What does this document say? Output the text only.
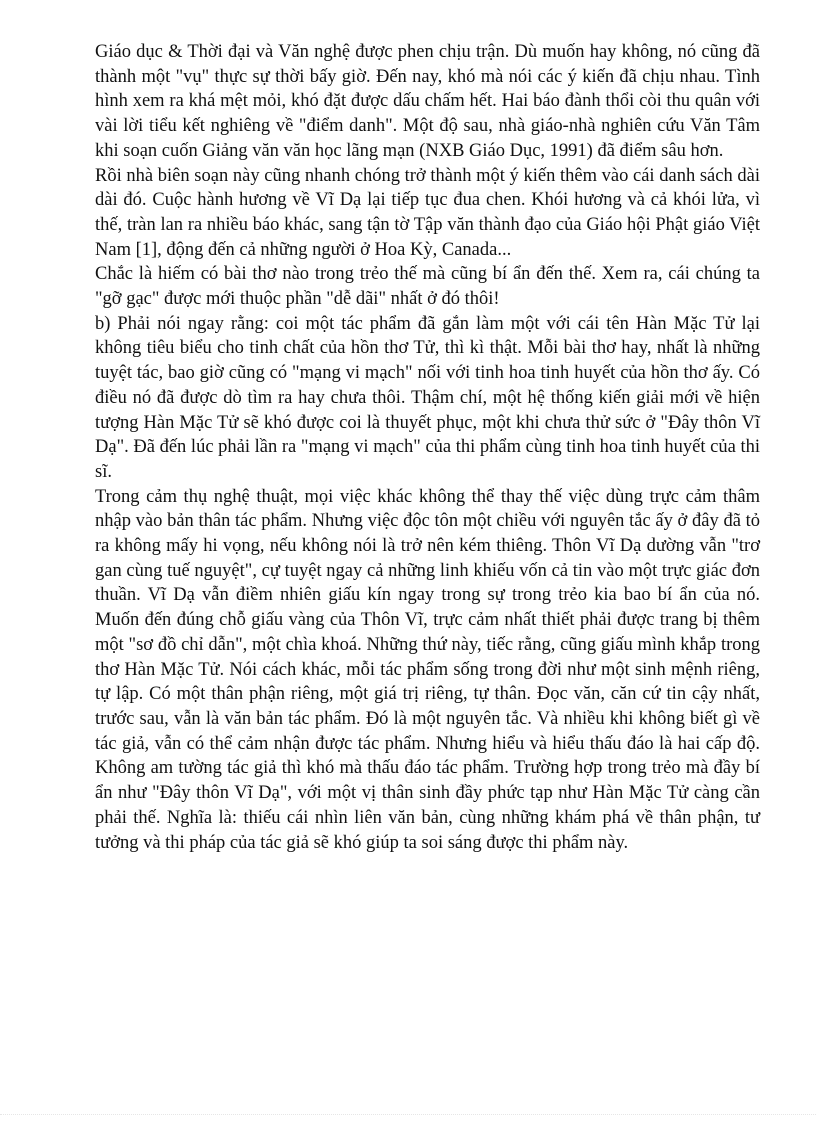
Giáo dục & Thời đại và Văn nghệ được phen chịu trận. Dù muốn hay không, nó cũng đã thành một "vụ" thực sự thời bấy giờ. Đến nay, khó mà nói các ý kiến đã chịu nhau. Tình hình xem ra khá mệt mỏi, khó đặt được dấu chấm hết. Hai báo đành thổi còi thu quân với vài lời tiểu kết nghiêng về "điểm danh". Một độ sau, nhà giáo-nhà nghiên cứu Văn Tâm khi soạn cuốn Giảng văn văn học lãng mạn (NXB Giáo Dục, 1991) đã điểm sâu hơn.

Rồi nhà biên soạn này cũng nhanh chóng trở thành một ý kiến thêm vào cái danh sách dài dài đó. Cuộc hành hương về Vĩ Dạ lại tiếp tục đua chen. Khói hương và cả khói lửa, vì thế, tràn lan ra nhiều báo khác, sang tận tờ Tập văn thành đạo của Giáo hội Phật giáo Việt Nam [1], động đến cả những người ở Hoa Kỳ, Canada...

Chắc là hiếm có bài thơ nào trong trẻo thế mà cũng bí ẩn đến thế. Xem ra, cái chúng ta "gỡ gạc" được mới thuộc phần "dễ dãi" nhất ở đó thôi!

b) Phải nói ngay rằng: coi một tác phẩm đã gắn làm một với cái tên Hàn Mặc Tử lại không tiêu biểu cho tinh chất của hồn thơ Tử, thì kì thật. Mỗi bài thơ hay, nhất là những tuyệt tác, bao giờ cũng có "mạng vi mạch" nối với tinh hoa tinh huyết của hồn thơ ấy. Có điều nó đã được dò tìm ra hay chưa thôi. Thậm chí, một hệ thống kiến giải mới về hiện tượng Hàn Mặc Tử sẽ khó được coi là thuyết phục, một khi chưa thử sức ở "Đây thôn Vĩ Dạ". Đã đến lúc phải lần ra "mạng vi mạch" của thi phẩm cùng tinh hoa tinh huyết của thi sĩ.

Trong cảm thụ nghệ thuật, mọi việc khác không thể thay thế việc dùng trực cảm thâm nhập vào bản thân tác phẩm. Nhưng việc độc tôn một chiều với nguyên tắc ấy ở đây đã tỏ ra không mấy hi vọng, nếu không nói là trở nên kém thiêng. Thôn Vĩ Dạ dường vẫn "trơ gan cùng tuế nguyệt", cự tuyệt ngay cả những linh khiếu vốn cả tin vào một trực giác đơn thuần. Vĩ Dạ vẫn điềm nhiên giấu kín ngay trong sự trong trẻo kia bao bí ẩn của nó. Muốn đến đúng chỗ giấu vàng của Thôn Vĩ, trực cảm nhất thiết phải được trang bị thêm một "sơ đồ chỉ dẫn", một chìa khoá. Những thứ này, tiếc rằng, cũng giấu mình khắp trong thơ Hàn Mặc Tử. Nói cách khác, mỗi tác phẩm sống trong đời như một sinh mệnh riêng, tự lập. Có một thân phận riêng, một giá trị riêng, tự thân. Đọc văn, căn cứ tin cậy nhất, trước sau, vẫn là văn bản tác phẩm. Đó là một nguyên tắc. Và nhiều khi không biết gì về tác giả, vẫn có thể cảm nhận được tác phẩm. Nhưng hiểu và hiểu thấu đáo là hai cấp độ. Không am tường tác giả thì khó mà thấu đáo tác phẩm. Trường hợp trong trẻo mà đầy bí ẩn như "Đây thôn Vĩ Dạ", với một vị thân sinh đầy phức tạp như Hàn Mặc Tử càng cần phải thế. Nghĩa là: thiếu cái nhìn liên văn bản, cùng những khám phá về thân phận, tư tưởng và thi pháp của tác giả sẽ khó giúp ta soi sáng được thi phẩm này.
